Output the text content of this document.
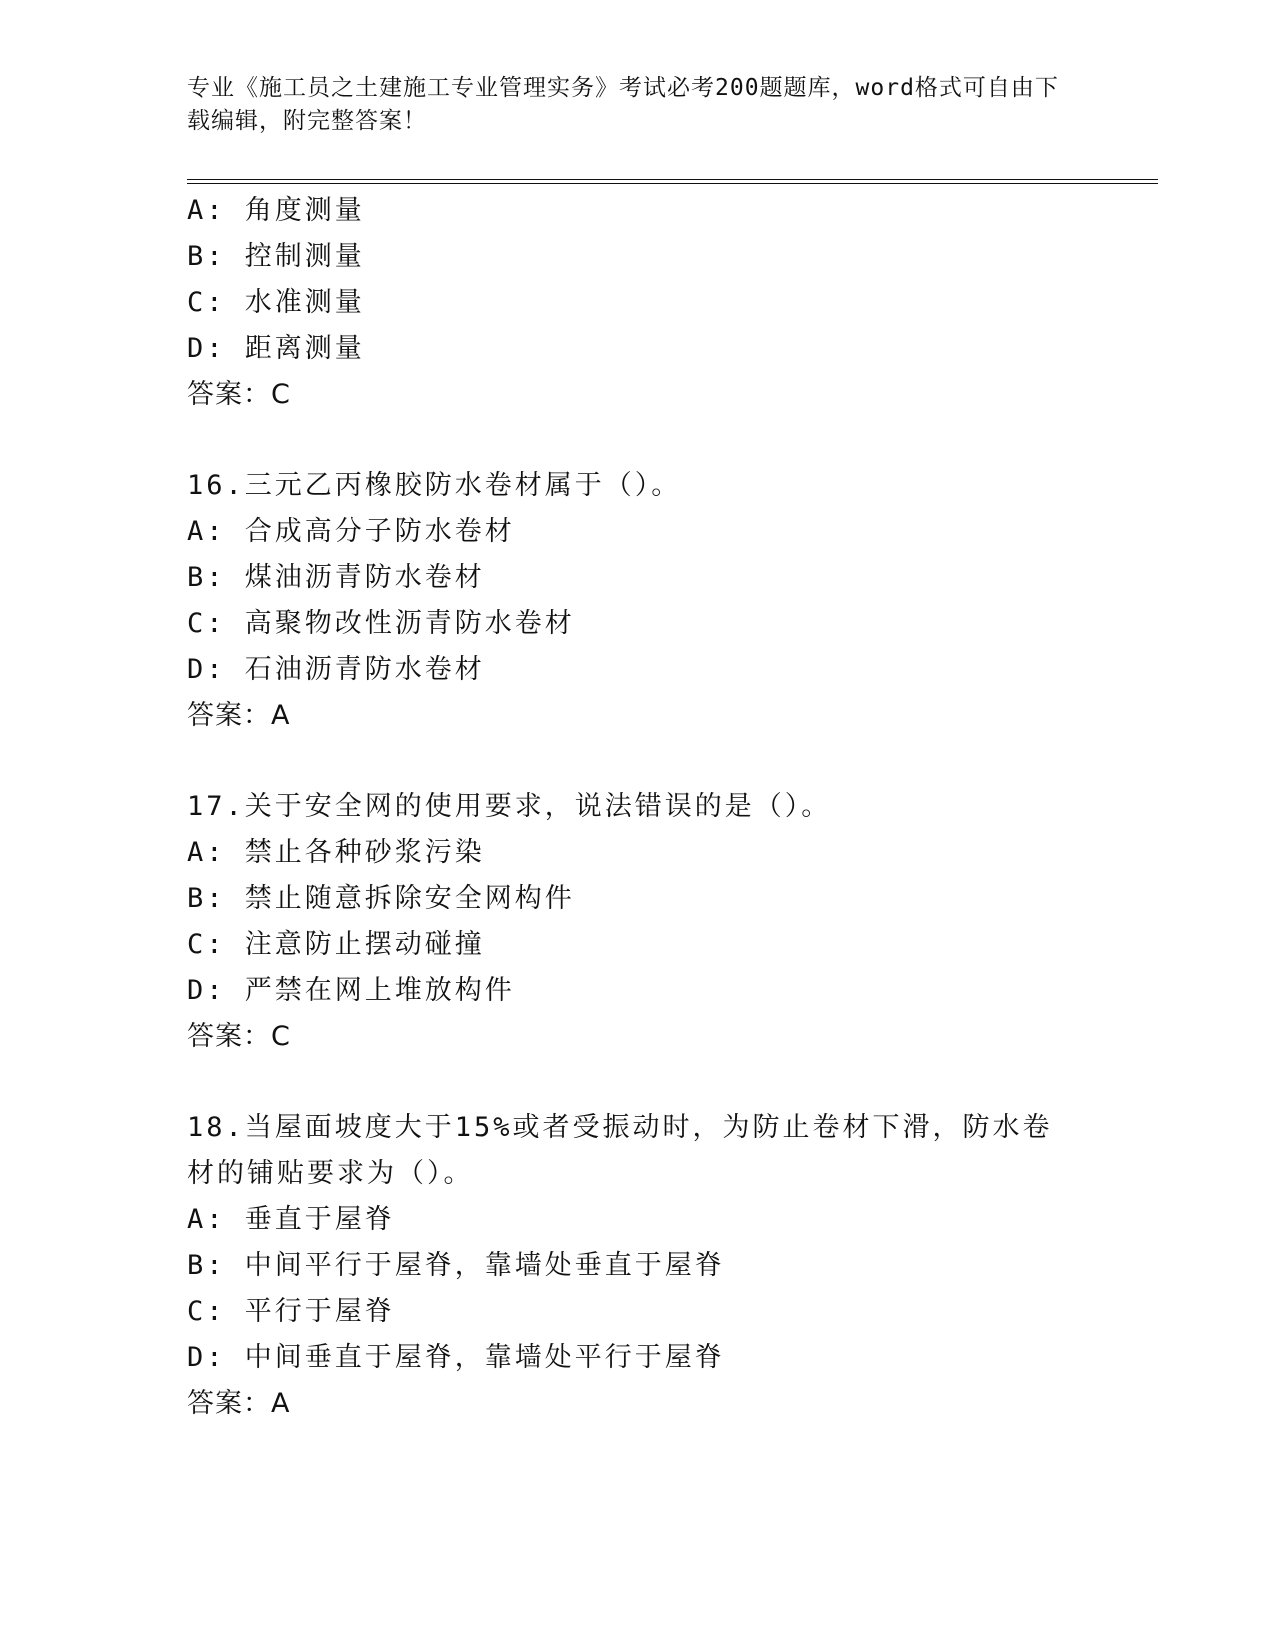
专业《施工员之土建施工专业管理实务》考试必考200题题库，word格式可自由下载编辑，附完整答案！
A: 角度测量
B: 控制测量
C: 水准测量
D: 距离测量
答案：C
16.三元乙丙橡胶防水卷材属于（）。
A: 合成高分子防水卷材
B: 煤油沥青防水卷材
C: 高聚物改性沥青防水卷材
D: 石油沥青防水卷材
答案：A
17.关于安全网的使用要求，说法错误的是（）。
A: 禁止各种砂浆污染
B: 禁止随意拆除安全网构件
C: 注意防止摆动碰撞
D: 严禁在网上堆放构件
答案：C
18.当屋面坡度大于15%或者受振动时，为防止卷材下滑，防水卷材的铺贴要求为（）。
A: 垂直于屋脊
B: 中间平行于屋脊，靠墙处垂直于屋脊
C: 平行于屋脊
D: 中间垂直于屋脊，靠墙处平行于屋脊
答案：A
